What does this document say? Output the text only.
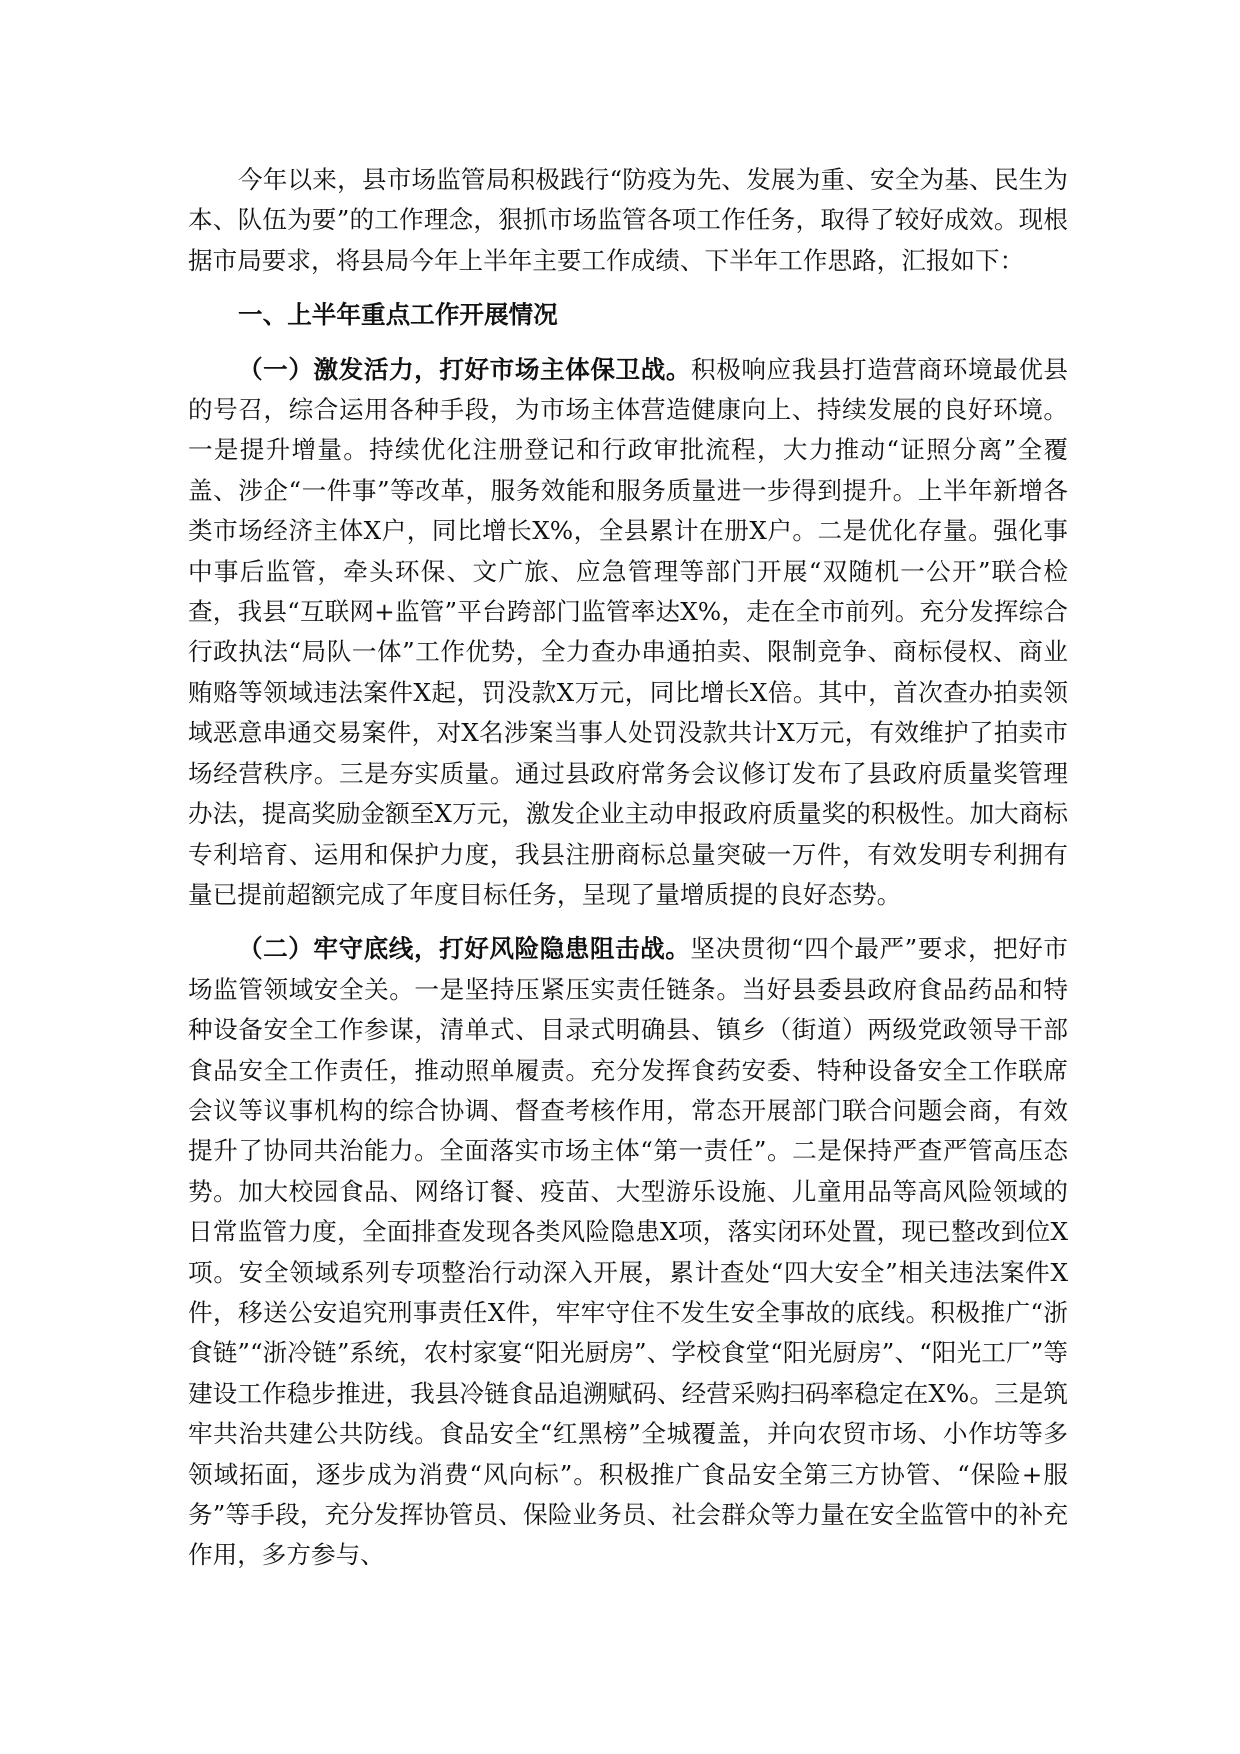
今年以来，县市场监管局积极践行“防疫为先、发展为重、安全为基、民生为本、队伍为要”的工作理念，狠抓市场监管各项工作任务，取得了较好成效。现根据市局要求，将县局今年上半年主要工作成绩、下半年工作思路，汇报如下：

一、上半年重点工作开展情况

（一）激发活力，打好市场主体保卫战。积极响应我县打造营商环境最优县的号召，综合运用各种手段，为市场主体营造健康向上、持续发展的良好环境。一是提升增量。持续优化注册登记和行政审批流程，大力推动“证照分离”全覆盖、涉企“一件事”等改革，服务效能和服务质量进一步得到提升。上半年新增各类市场经济主体X户，同比增长X%，全县累计在册X户。二是优化存量。强化事中事后监管，牵头环保、文广旅、应急管理等部门开展“双随机一公开”联合检查，我县“互联网+监管”平台跨部门监管率达X%，走在全市前列。充分发挥综合行政执法“局队一体”工作优势，全力查办串通拍卖、限制竞争、商标侵权、商业贿赂等领域违法案件X起，罚没款X万元，同比增长X倍。其中，首次查办拍卖领域恶意串通交易案件，对X名涉案当事人处罚没款共计X万元，有效维护了拍卖市场经营秩序。三是夯实质量。通过县政府常务会议修订发布了县政府质量奖管理办法，提高奖励金额至X万元，激发企业主动申报政府质量奖的积极性。加大商标专利培育、运用和保护力度，我县注册商标总量突破一万件，有效发明专利拥有量已提前超额完成了年度目标任务，呈现了量增质提的良好态势。

（二）牢守底线，打好风险隐患阻击战。坚决贯彻“四个最严”要求，把好市场监管领域安全关。一是坚持压紧压实责任链条。当好县委县政府食品药品和特种设备安全工作参谋，清单式、目录式明确县、镇乡（街道）两级党政领导干部食品安全工作责任，推动照单履责。充分发挥食药安委、特种设备安全工作联席会议等议事机构的综合协调、督查考核作用，常态开展部门联合问题会商，有效提升了协同共治能力。全面落实市场主体“第一责任”。二是保持严查严管高压态势。加大校园食品、网络订餐、疫苗、大型游乐设施、儿童用品等高风险领域的日常监管力度，全面排查发现各类风险隐患X项，落实闭环处置，现已整改到位X项。安全领域系列专项整治行动深入开展，累计查处“四大安全”相关违法案件X件，移送公安追究刑事责任X件，牢牢守住不发生安全事故的底线。积极推广“浙食链”“浙冷链”系统，农村家宴“阳光厨房”、学校食堂“阳光厨房”、“阳光工厂”等建设工作稳步推进，我县冷链食品追溯赋码、经营采购扫码率稳定在X%。三是筑牢共治共建公共防线。食品安全“红黑榜”全城覆盖，并向农贸市场、小作坊等多领域拓面，逐步成为消费“风向标”。积极推广食品安全第三方协管、“保险+服务”等手段，充分发挥协管员、保险业务员、社会群众等力量在安全监管中的补充作用，多方参与、
